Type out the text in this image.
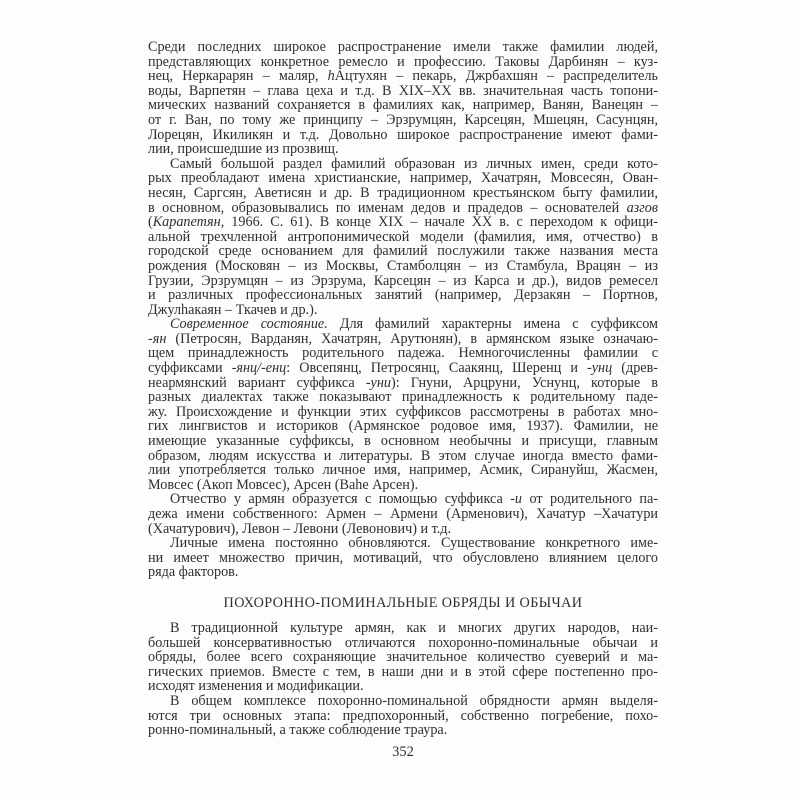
Среди последних широкое распространение имели также фамилии людей,
представляющих конкретное ремесло и профессию. Таковы Дарбинян – куз-
нец, Неркарарян – маляр, hАцтухян – пекарь, Джрбахшян – распределитель
воды, Варпетян – глава цеха и т.д. В XIX–XX вв. значительная часть топони-
мических названий сохраняется в фамилиях как, например, Ванян, Ванецян –
от г. Ван, по тому же принципу – Эрзрумцян, Карсецян, Мшецян, Сасунцян,
Лорецян, Икиликян и т.д. Довольно широкое распространение имеют фами-
лии, происшедшие из прозвищ.
Самый большой раздел фамилий образован из личных имен, среди кото-
рых преобладают имена христианские, например, Хачатрян, Мовсесян, Ован-
несян, Саргсян, Аветисян и др. В традиционном крестьянском быту фамилии,
в основном, образовывались по именам дедов и прадедов – основателей азгов
(Карапетян, 1966. С. 61). В конце XIX – начале XX в. с переходом к офици-
альной трехчленной антропонимической модели (фамилия, имя, отчество) в
городской среде основанием для фамилий послужили также названия места
рождения (Московян – из Москвы, Стамболцян – из Стамбула, Врацян – из
Грузии, Эрзрумцян – из Эрзрума, Карсецян – из Карса и др.), видов ремесел
и различных профессиональных занятий (например, Дерзакян – Портнов,
Джулһакаян – Ткачев и др.).
Современное состояние. Для фамилий характерны имена с суффиксом
-ян (Петросян, Варданян, Хачатрян, Арутюнян), в армянском языке означаю-
щем принадлежность родительного падежа. Немногочисленны фамилии с
суффиксами -янц/-енц: Овсепянц, Петросянц, Саакянц, Шеренц и -унц (древ-
неармянский вариант суффикса -уни): Гнуни, Арцруни, Уснунц, которые в
разных диалектах также показывают принадлежность к родительному паде-
жу. Происхождение и функции этих суффиксов рассмотрены в работах мно-
гих лингвистов и историков (Армянское родовое имя, 1937). Фамилии, не
имеющие указанные суффиксы, в основном необычны и присущи, главным
образом, людям искусства и литературы. В этом случае иногда вместо фами-
лии употребляется только личное имя, например, Асмик, Сирануйш, Жасмен,
Мовсес (Акоп Мовсес), Арсен (Ваһе Арсен).
Отчество у армян образуется с помощью суффикса -и от родительного па-
дежа имени собственного: Армен – Армени (Арменович), Хачатур –Хачатури
(Хачатурович), Левон – Левони (Левонович) и т.д.
Личные имена постоянно обновляются. Существование конкретного име-
ни имеет множество причин, мотиваций, что обусловлено влиянием целого
ряда факторов.
ПОХОРОННО-ПОМИНАЛЬНЫЕ ОБРЯДЫ И ОБЫЧАИ
В традиционной культуре армян, как и многих других народов, наи-
большей консервативностью отличаются похоронно-поминальные обычаи и
обряды, более всего сохраняющие значительное количество суеверий и ма-
гических приемов. Вместе с тем, в наши дни и в этой сфере постепенно про-
исходят изменения и модификации.
В общем комплексе похоронно-поминальной обрядности армян выделя-
ются три основных этапа: предпохоронный, собственно погребение, похо-
ронно-поминальный, а также соблюдение траура.
352
